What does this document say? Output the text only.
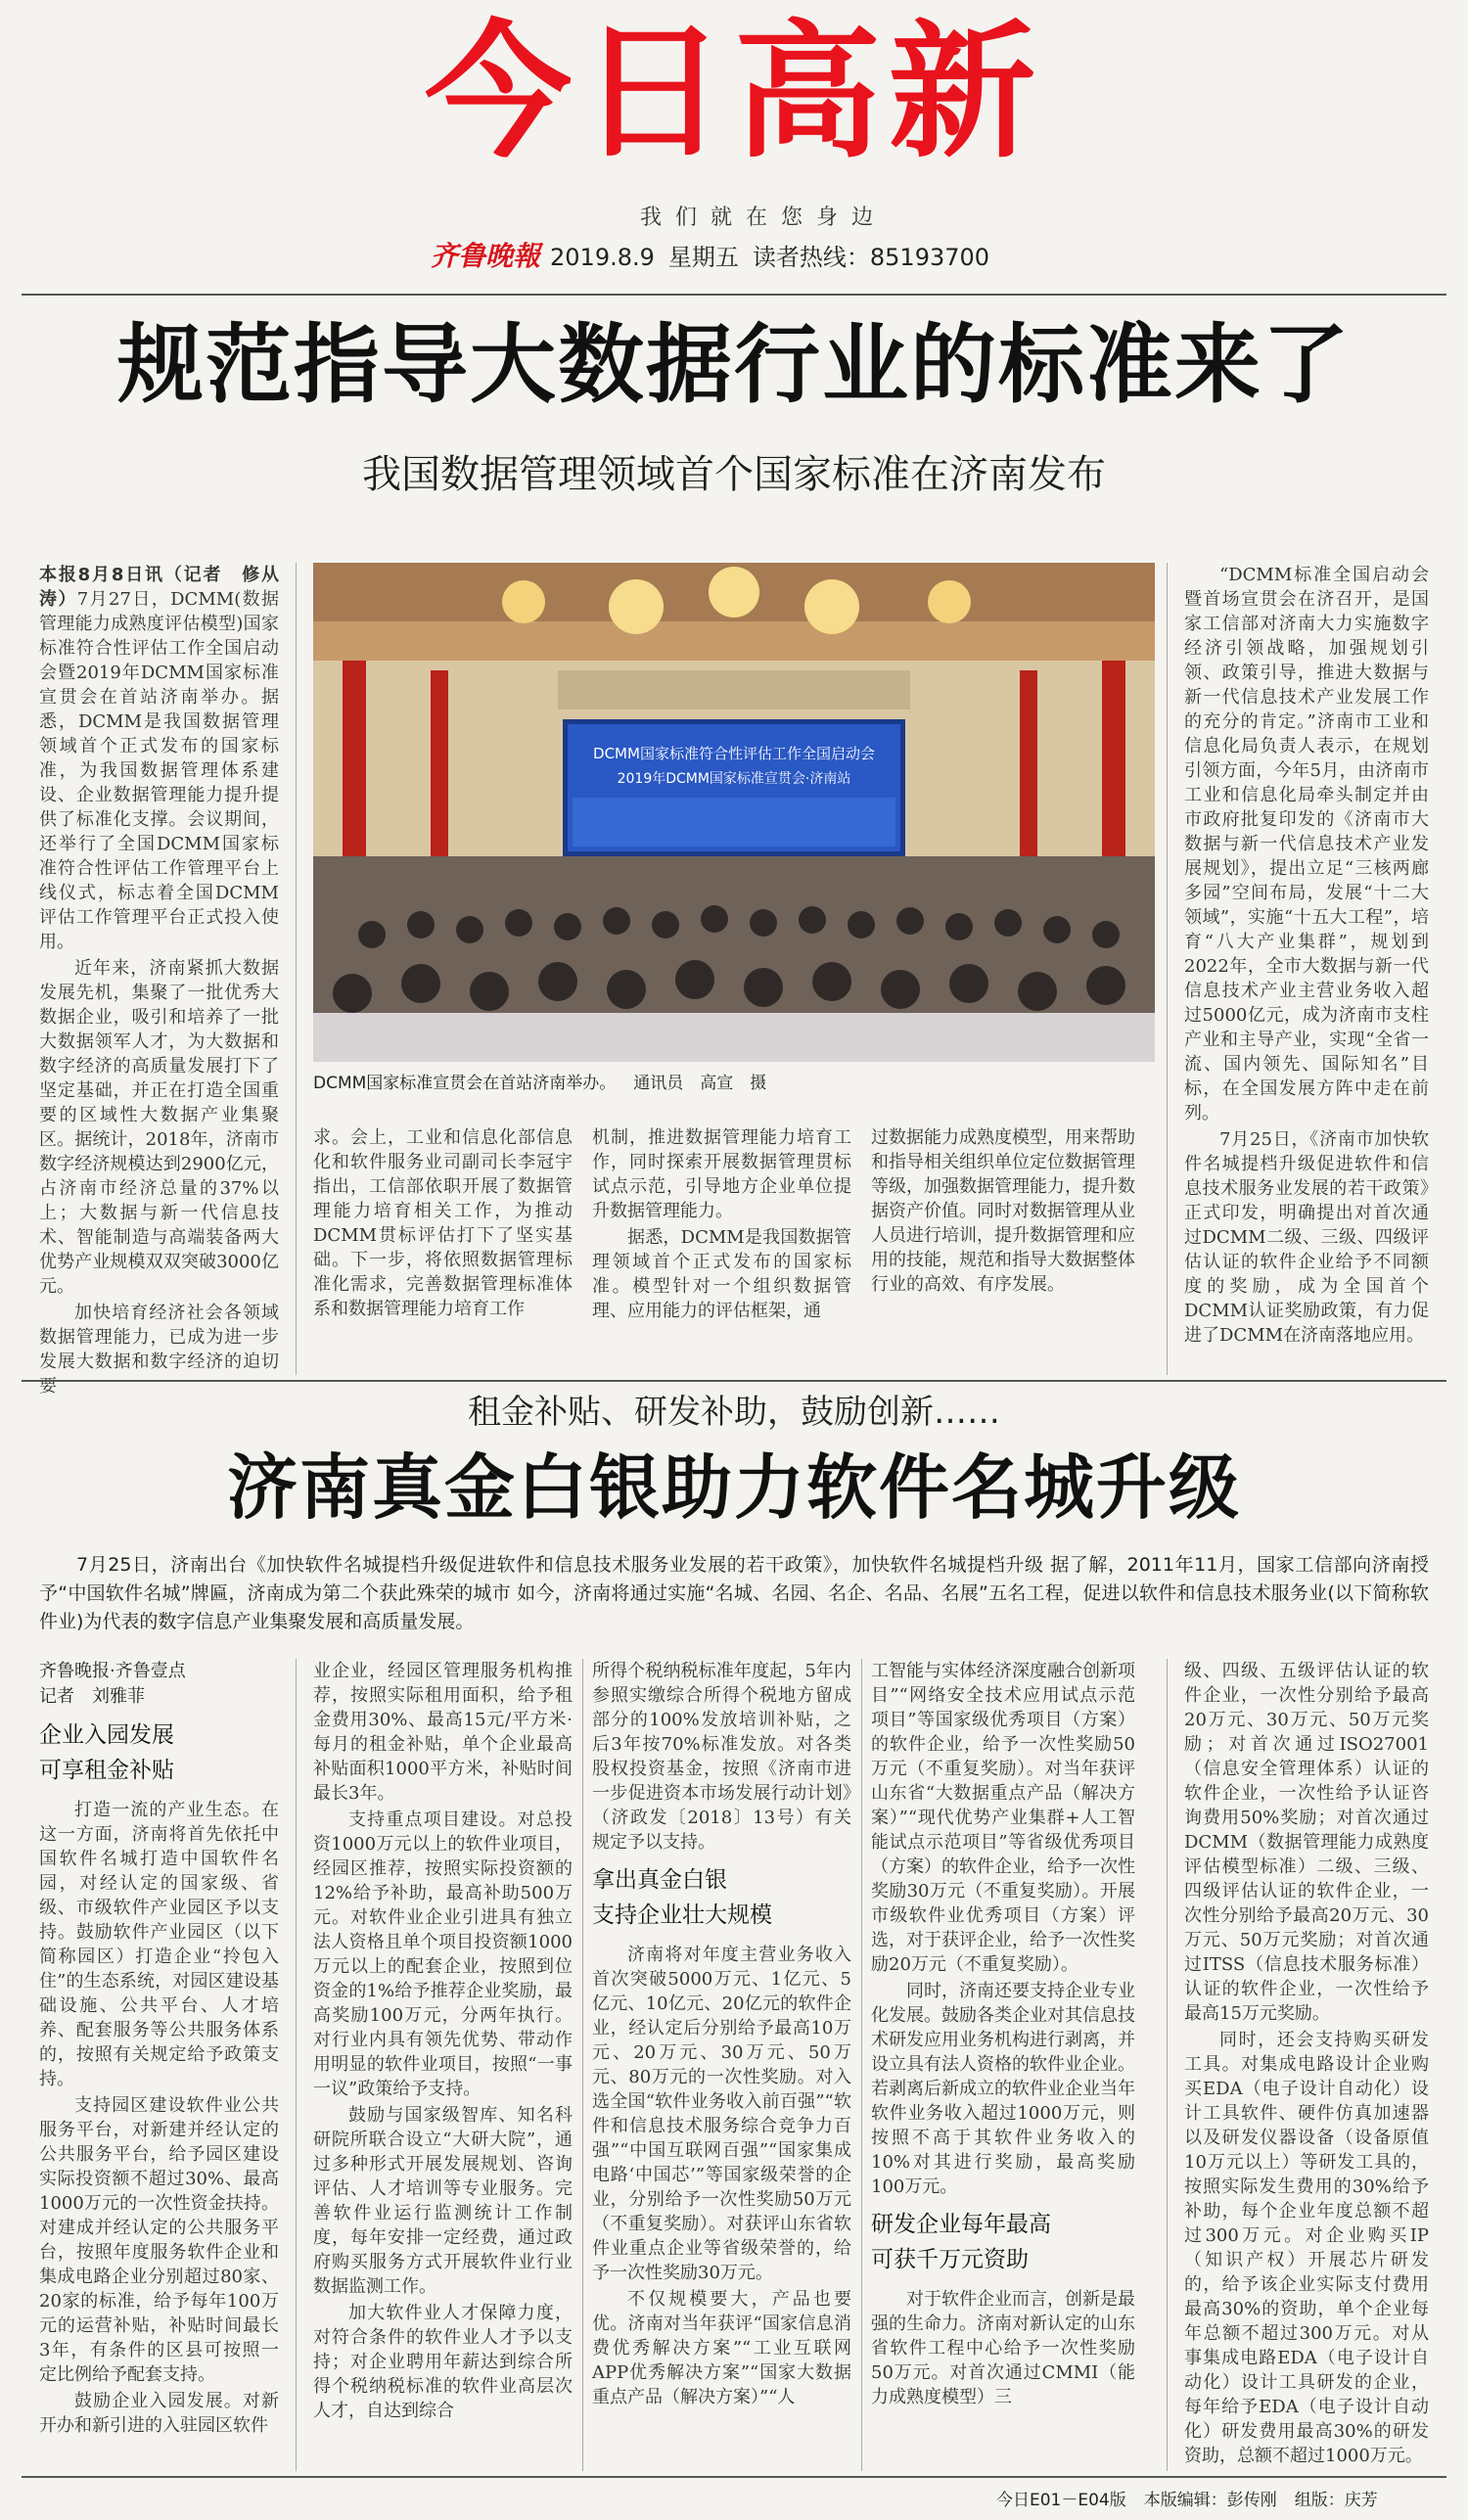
今日高新
我们就在您身边
齐鲁晚報 2019.8.9 星期五 读者热线：85193700
规范指导大数据行业的标准来了
我国数据管理领域首个国家标准在济南发布

本报8月8日讯（记者　修从涛）7月27日，DCMM(数据管理能力成熟度评估模型)国家标准符合性评估工作全国启动会暨2019年DCMM国家标准宣贯会在首站济南举办。据悉，DCMM是我国数据管理领域首个正式发布的国家标准，为我国数据管理体系建设、企业数据管理能力提升提供了标准化支撑。会议期间，还举行了全国DCMM国家标准符合性评估工作管理平台上线仪式，标志着全国DCMM评估工作管理平台正式投入使用。

近年来，济南紧抓大数据发展先机，集聚了一批优秀大数据企业，吸引和培养了一批大数据领军人才，为大数据和数字经济的高质量发展打下了坚定基础，并正在打造全国重要的区域性大数据产业集聚区。据统计，2018年，济南市数字经济规模达到2900亿元，占济南市经济总量的37%以上；大数据与新一代信息技术、智能制造与高端装备两大优势产业规模双双突破3000亿元。

加快培育经济社会各领域数据管理能力，已成为进一步发展大数据和数字经济的迫切要

DCMM国家标准符合性评估工作全国启动会
2019年DCMM国家标准宣贯会·济南站
DCMM国家标准宣贯会在首站济南举办。 通讯员　高宣　摄

求。会上，工业和信息化部信息化和软件服务业司副司长李冠宇指出，工信部依职开展了数据管理能力培育相关工作，为推动DCMM贯标评估打下了坚实基础。下一步，将依照数据管理标准化需求，完善数据管理标准体系和数据管理能力培育工作

机制，推进数据管理能力培育工作，同时探索开展数据管理贯标试点示范，引导地方企业单位提升数据管理能力。

据悉，DCMM是我国数据管理领域首个正式发布的国家标准。模型针对一个组织数据管理、应用能力的评估框架，通

过数据能力成熟度模型，用来帮助和指导相关组织单位定位数据管理等级，加强数据管理能力，提升数据资产价值。同时对数据管理从业人员进行培训，提升数据管理和应用的技能，规范和指导大数据整体行业的高效、有序发展。

“DCMM标准全国启动会暨首场宣贯会在济召开，是国家工信部对济南大力实施数字经济引领战略，加强规划引领、政策引导，推进大数据与新一代信息技术产业发展工作的充分的肯定。”济南市工业和信息化局负责人表示，在规划引领方面，今年5月，由济南市工业和信息化局牵头制定并由市政府批复印发的《济南市大数据与新一代信息技术产业发展规划》，提出立足“三核两廊多园”空间布局，发展“十二大领域”，实施“十五大工程”，培育“八大产业集群”，规划到2022年，全市大数据与新一代信息技术产业主营业务收入超过5000亿元，成为济南市支柱产业和主导产业，实现“全省一流、国内领先、国际知名”目标，在全国发展方阵中走在前列。

7月25日，《济南市加快软件名城提档升级促进软件和信息技术服务业发展的若干政策》正式印发，明确提出对首次通过DCMM二级、三级、四级评估认证的软件企业给予不同额度的奖励，成为全国首个DCMM认证奖励政策，有力促进了DCMM在济南落地应用。

租金补贴、研发补助，鼓励创新……
济南真金白银助力软件名城升级
7月25日，济南出台《加快软件名城提档升级促进软件和信息技术服务业发展的若干政策》，加快软件名城提档升级 据了解，2011年11月，国家工信部向济南授予“中国软件名城”牌匾，济南成为第二个获此殊荣的城市 如今，济南将通过实施“名城、名园、名企、名品、名展”五名工程，促进以软件和信息技术服务业(以下简称软件业)为代表的数字信息产业集聚发展和高质量发展。
齐鲁晚报·齐鲁壹点
记者　刘雅菲
企业入园发展
可享租金补贴

打造一流的产业生态。在这一方面，济南将首先依托中国软件名城打造中国软件名园，对经认定的国家级、省级、市级软件产业园区予以支持。鼓励软件产业园区（以下简称园区）打造企业“拎包入住”的生态系统，对园区建设基础设施、公共平台、人才培养、配套服务等公共服务体系的，按照有关规定给予政策支持。

支持园区建设软件业公共服务平台，对新建并经认定的公共服务平台，给予园区建设实际投资额不超过30%、最高1000万元的一次性资金扶持。对建成并经认定的公共服务平台，按照年度服务软件企业和集成电路企业分别超过80家、20家的标准，给予每年100万元的运营补贴，补贴时间最长3年，有条件的区县可按照一定比例给予配套支持。

鼓励企业入园发展。对新开办和新引进的入驻园区软件

业企业，经园区管理服务机构推荐，按照实际租用面积，给予租金费用30%、最高15元/平方米·每月的租金补贴，单个企业最高补贴面积1000平方米，补贴时间最长3年。

支持重点项目建设。对总投资1000万元以上的软件业项目，经园区推荐，按照实际投资额的12%给予补助，最高补助500万元。对软件业企业引进具有独立法人资格且单个项目投资额1000万元以上的配套企业，按照到位资金的1%给予推荐企业奖励，最高奖励100万元，分两年执行。对行业内具有领先优势、带动作用明显的软件业项目，按照“一事一议”政策给予支持。

鼓励与国家级智库、知名科研院所联合设立“大研大院”，通过多种形式开展发展规划、咨询评估、人才培训等专业服务。完善软件业运行监测统计工作制度，每年安排一定经费，通过政府购买服务方式开展软件业行业数据监测工作。

加大软件业人才保障力度，对符合条件的软件业人才予以支持；对企业聘用年薪达到综合所得个税纳税标准的软件业高层次人才，自达到综合

所得个税纳税标准年度起，5年内参照实缴综合所得个税地方留成部分的100%发放培训补贴，之后3年按70%标准发放。对各类股权投资基金，按照《济南市进一步促进资本市场发展行动计划》（济政发〔2018〕13号）有关规定予以支持。

拿出真金白银
支持企业壮大规模

济南将对年度主营业务收入首次突破5000万元、1亿元、5亿元、10亿元、20亿元的软件企业，经认定后分别给予最高10万元、20万元、30万元、50万元、80万元的一次性奖励。对入选全国“软件业务收入前百强”“软件和信息技术服务综合竞争力百强”“中国互联网百强”“国家集成电路‘中国芯’”等国家级荣誉的企业，分别给予一次性奖励50万元（不重复奖励）。对获评山东省软件业重点企业等省级荣誉的，给予一次性奖励30万元。

不仅规模要大，产品也要优。济南对当年获评“国家信息消费优秀解决方案”“工业互联网APP优秀解决方案”“国家大数据重点产品（解决方案）”“人

工智能与实体经济深度融合创新项目”“网络安全技术应用试点示范项目”等国家级优秀项目（方案）的软件企业，给予一次性奖励50万元（不重复奖励）。对当年获评山东省“大数据重点产品（解决方案）”“现代优势产业集群+人工智能试点示范项目”等省级优秀项目（方案）的软件企业，给予一次性奖励30万元（不重复奖励）。开展市级软件业优秀项目（方案）评选，对于获评企业，给予一次性奖励20万元（不重复奖励）。

同时，济南还要支持企业专业化发展。鼓励各类企业对其信息技术研发应用业务机构进行剥离，并设立具有法人资格的软件业企业。若剥离后新成立的软件业企业当年软件业务收入超过1000万元，则按照不高于其软件业务收入的10%对其进行奖励，最高奖励100万元。

研发企业每年最高
可获千万元资助

对于软件企业而言，创新是最强的生命力。济南对新认定的山东省软件工程中心给予一次性奖励50万元。对首次通过CMMI（能力成熟度模型）三

级、四级、五级评估认证的软件企业，一次性分别给予最高20万元、30万元、50万元奖励；对首次通过ISO27001（信息安全管理体系）认证的软件企业，一次性给予认证咨询费用50%奖励；对首次通过DCMM（数据管理能力成熟度评估模型标准）二级、三级、四级评估认证的软件企业，一次性分别给予最高20万元、30万元、50万元奖励；对首次通过ITSS（信息技术服务标准）认证的软件企业，一次性给予最高15万元奖励。

同时，还会支持购买研发工具。对集成电路设计企业购买EDA（电子设计自动化）设计工具软件、硬件仿真加速器以及研发仪器设备（设备原值10万元以上）等研发工具的，按照实际发生费用的30%给予补助，每个企业年度总额不超过300万元。对企业购买IP（知识产权）开展芯片研发的，给予该企业实际支付费用最高30%的资助，单个企业每年总额不超过300万元。对从事集成电路EDA（电子设计自动化）设计工具研发的企业，每年给予EDA（电子设计自动化）研发费用最高30%的研发资助，总额不超过1000万元。

今日E01－E04版 本版编辑：彭传刚 组版：庆芳
